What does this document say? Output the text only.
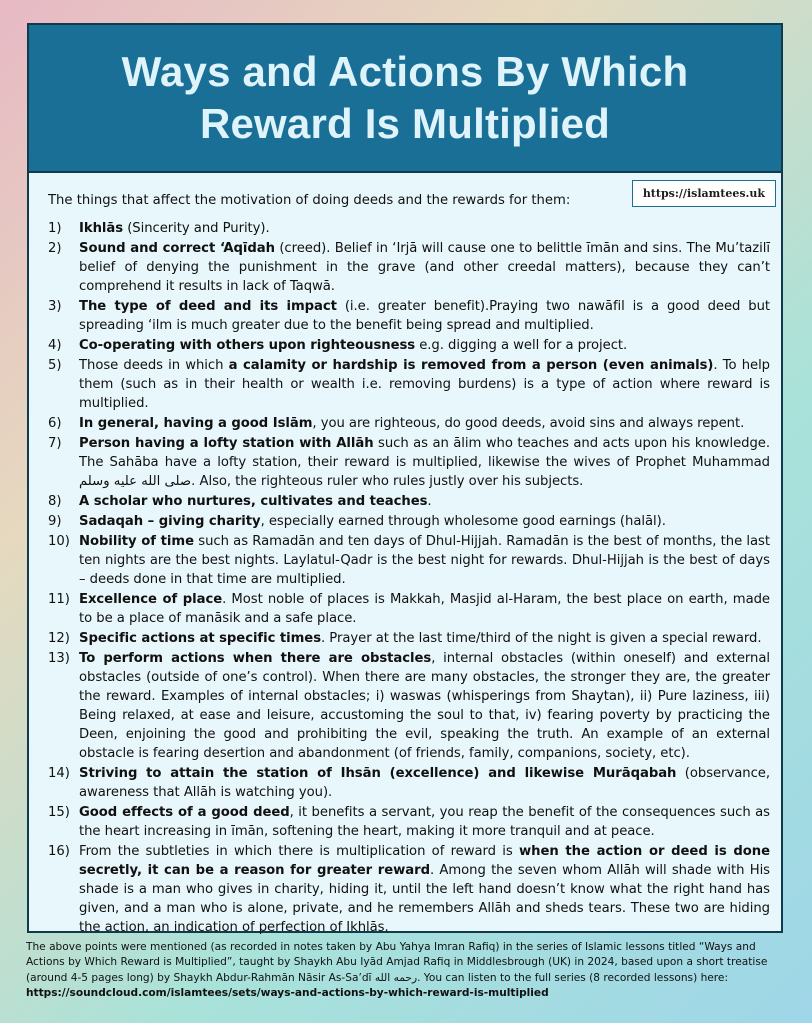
Ways and Actions By Which Reward Is Multiplied
https://islamtees.uk

The things that affect the motivation of doing deeds and the rewards for them:

1)	Ikhlās (Sincerity and Purity).
2)	Sound and correct ‘Aqīdah (creed). Belief in ‘Irjā will cause one to belittle īmān and sins. The Mu’tazilī belief of denying the punishment in the grave (and other creedal matters), because they can’t comprehend it results in lack of Taqwā.
3)	The type of deed and its impact (i.e. greater benefit).Praying two nawāfil is a good deed but spreading ‘ilm is much greater due to the benefit being spread and multiplied.
4)	Co-operating with others upon righteousness e.g. digging a well for a project.
5)	Those deeds in which a calamity or hardship is removed from a person (even animals). To help them (such as in their health or wealth i.e. removing burdens) is a type of action where reward is multiplied.
6)	In general, having a good Islām, you are righteous, do good deeds, avoid sins and always repent.
7)	Person having a lofty station with Allāh such as an ālim who teaches and acts upon his knowledge. The Sahāba have a lofty station, their reward is multiplied, likewise the wives of Prophet Muhammad صلى الله عليه وسلم. Also, the righteous ruler who rules justly over his subjects.
8)	A scholar who nurtures, cultivates and teaches.
9)	Sadaqah – giving charity, especially earned through wholesome good earnings (halāl).
10) Nobility of time such as Ramadān and ten days of Dhul-Hijjah. Ramadān is the best of months, the last ten nights are the best nights. Laylatul-Qadr is the best night for rewards. Dhul-Hijjah is the best of days – deeds done in that time are multiplied.
11) Excellence of place. Most noble of places is Makkah, Masjid al-Haram, the best place on earth, made to be a place of manāsik and a safe place.
12) Specific actions at specific times. Prayer at the last time/third of the night is given a special reward.
13) To perform actions when there are obstacles, internal obstacles (within oneself) and external obstacles (outside of one’s control). When there are many obstacles, the stronger they are, the greater the reward. Examples of internal obstacles; i) waswas (whisperings from Shaytan), ii) Pure laziness, iii) Being relaxed, at ease and leisure, accustoming the soul to that, iv) fearing poverty by practicing the Deen, enjoining the good and prohibiting the evil, speaking the truth. An example of an external obstacle is fearing desertion and abandonment (of friends, family, companions, society, etc).
14) Striving to attain the station of Ihsān (excellence) and likewise Murāqabah (observance, awareness that Allāh is watching you).
15) Good effects of a good deed, it benefits a servant, you reap the benefit of the consequences such as the heart increasing in īmān, softening the heart, making it more tranquil and at peace.
16) From the subtleties in which there is multiplication of reward is when the action or deed is done secretly, it can be a reason for greater reward. Among the seven whom Allāh will shade with His shade is a man who gives in charity, hiding it, until the left hand doesn’t know what the right hand has given, and a man who is alone, private, and he remembers Allāh and sheds tears. These two are hiding the action, an indication of perfection of Ikhlās.

The above points were mentioned (as recorded in notes taken by Abu Yahya Imran Rafiq) in the series of Islamic lessons titled “Ways and Actions by Which Reward is Multiplied”, taught by Shaykh Abu Iyād Amjad Rafiq in Middlesbrough (UK) in 2024, based upon a short treatise (around 4-5 pages long) by Shaykh Abdur-Rahmān Nāsir As-Sa’dī رحمه الله. You can listen to the full series (8 recorded lessons) here: https://soundcloud.com/islamtees/sets/ways-and-actions-by-which-reward-is-multiplied
